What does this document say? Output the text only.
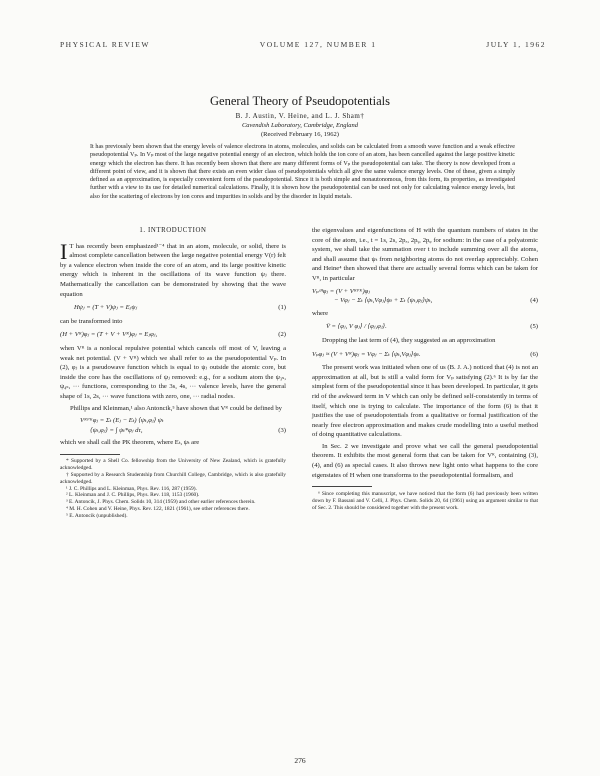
PHYSICAL REVIEW	VOLUME 127, NUMBER 1	JULY 1, 1962
General Theory of Pseudopotentials
B. J. Austin, V. Heine, and L. J. Sham†
Cavendish Laboratory, Cambridge, England
(Received February 16, 1962)
It has previously been shown that the energy levels of valence electrons in atoms, molecules, and solids can be calculated from a smooth wave function and a weak effective pseudopotential Vₚ. In Vₚ most of the large negative potential energy of an electron, which holds the ion core of an atom, has been cancelled against the large positive kinetic energy which the electron has there. It has recently been shown that there are many different forms of Vₚ the pseudopotential can take. The theory is now developed from a different point of view, and it is shown that there exists an even wider class of pseudopotentials which all give the same valence energy levels. One of these, given a simply defined as an approximation, is especially convenient form of the pseudopotential. Since it is both simple and nonautonomous, from this form, its properties, as investigated further with a view to its use for detailed numerical calculations. Finally, it is shown how the pseudopotential can be used not only for calculating valence energy levels, but also for the scattering of electrons by ion cores and impurities in solids and by the disorder in liquid metals.
1. INTRODUCTION

I T has recently been emphasized¹⁻⁴ that in an atom, molecule, or solid, there is almost complete cancellation between the large negative potential energy V(r) felt by a valence electron when inside the core of an atom, and its large positive kinetic energy which is inherent in the oscillations of its wave function ψⱼ there. Mathematically the cancellation can be demonstrated by showing that the wave equation

Hψⱼ = (T + V)ψⱼ = Eⱼψⱼ	(1)

can be transformed into

(H + Vᴿ)φⱼ = (T + V + Vᴿ)φⱼ = Eⱼφⱼ,	(2)

when Vᴿ is a nonlocal repulsive potential which cancels off most of V, leaving a weak net potential. (V + Vᴿ) which we shall refer to as the pseudopotential Vₚ. In (2), φⱼ is a pseudowave function which is equal to ψⱼ outside the atomic core, but inside the core has the oscillations of ψⱼ removed: e.g., for a sodium atom the ψ₃ₛ, ψ₄ₛ, ··· functions, corresponding to the 3s, 4s, ··· valence levels, have the general shape of 1s, 2s, ··· wave functions with zero, one, ··· radial nodes.

Phillips and Kleinman,¹ also Antoncik,⁵ have shown that Vᴿ could be defined by

Vᴿᴾᴷφⱼ = Σₜ (Eⱼ − Eₜ) ⟨ψₜ,φⱼ⟩ ψₜ
⟨ψₜ,φⱼ⟩ = ∫ ψₜ*φⱼ dτ,	(3)

which we shall call the PK theorem, where Eₜ, ψₜ are

* Supported by a Shell Co. fellowship from the University of New Zealand, which is gratefully acknowledged.
† Supported by a Research Studentship from Churchill College, Cambridge, which is also gratefully acknowledged.
¹ J. C. Phillips and L. Kleinman, Phys. Rev. 116, 287 (1959).
² L. Kleinman and J. C. Phillips, Phys. Rev. 118, 1153 (1960).
³ E. Antoncik, J. Phys. Chem. Solids 10, 314 (1959) and other earlier references therein.
⁴ M. H. Cohen and V. Heine, Phys. Rev. 122, 1821 (1961), see other references there.
⁵ E. Antoncik (unpublished).

the eigenvalues and eigenfunctions of H with the quantum numbers of states in the core of the atom, i.e., t = 1s, 2s, 2pₓ, 2pᵧ, 2pᵩ for sodium: in the case of a polyatomic system, we shall take the summation over t to include summing over all the atoms, and shall assume that ψₜ from neighboring atoms do not overlap appreciably. Cohen and Heine⁴ then showed that there are actually several forms which can be taken for Vᴿ, in particular

Vₚᶜᴴφⱼ = (V + Vᴿᴾᴷ)φⱼ
− Vφⱼ − Σₜ ⟨ψₜ,Vφⱼ⟩ψₜ + Σₜ ⟨ψₜ,φⱼ⟩ψₜ,	(4)

where

V̄ = ⟨φⱼ, V φⱼ⟩ / ⟨φⱼ,φⱼ⟩.	(5)

Dropping the last term of (4), they suggested as an approximation

Vₚφⱼ ≈ (V + Vᴿ)φⱼ = Vφⱼ − Σₜ ⟨ψₜ,Vφⱼ⟩ψₜ.	(6)

The present work was initiated when one of us (B. J. A.) noticed that (4) is not an approximation at all, but is still a valid form for Vₚ satisfying (2).⁶ It is by far the simplest form of the pseudopotential since it has been developed. In particular, it gets rid of the awkward term in V which can only be defined self-consistently in terms of itself, which one is trying to calculate. The importance of the form (6) is that it justifies the use of pseudopotentials from a qualitative or formal justification of the nearly free electron approximation and makes crude modelling into a useful method of doing quantitative calculations.

In Sec. 2 we investigate and prove what we call the general pseudopotential theorem. It exhibits the most general form that can be taken for Vᴿ, containing (3), (4), and (6) as special cases. It also throws new light onto what happens to the core eigenstates of H when one transforms to the pseudopotential formalism, and

⁶ Since completing this manuscript, we have noticed that the form (6) had previously been written down by F. Bassani and V. Celli, J. Phys. Chem. Solids 20, 64 (1961) using an argument similar to that of Sec. 2. This should be considered together with the present work.
276
